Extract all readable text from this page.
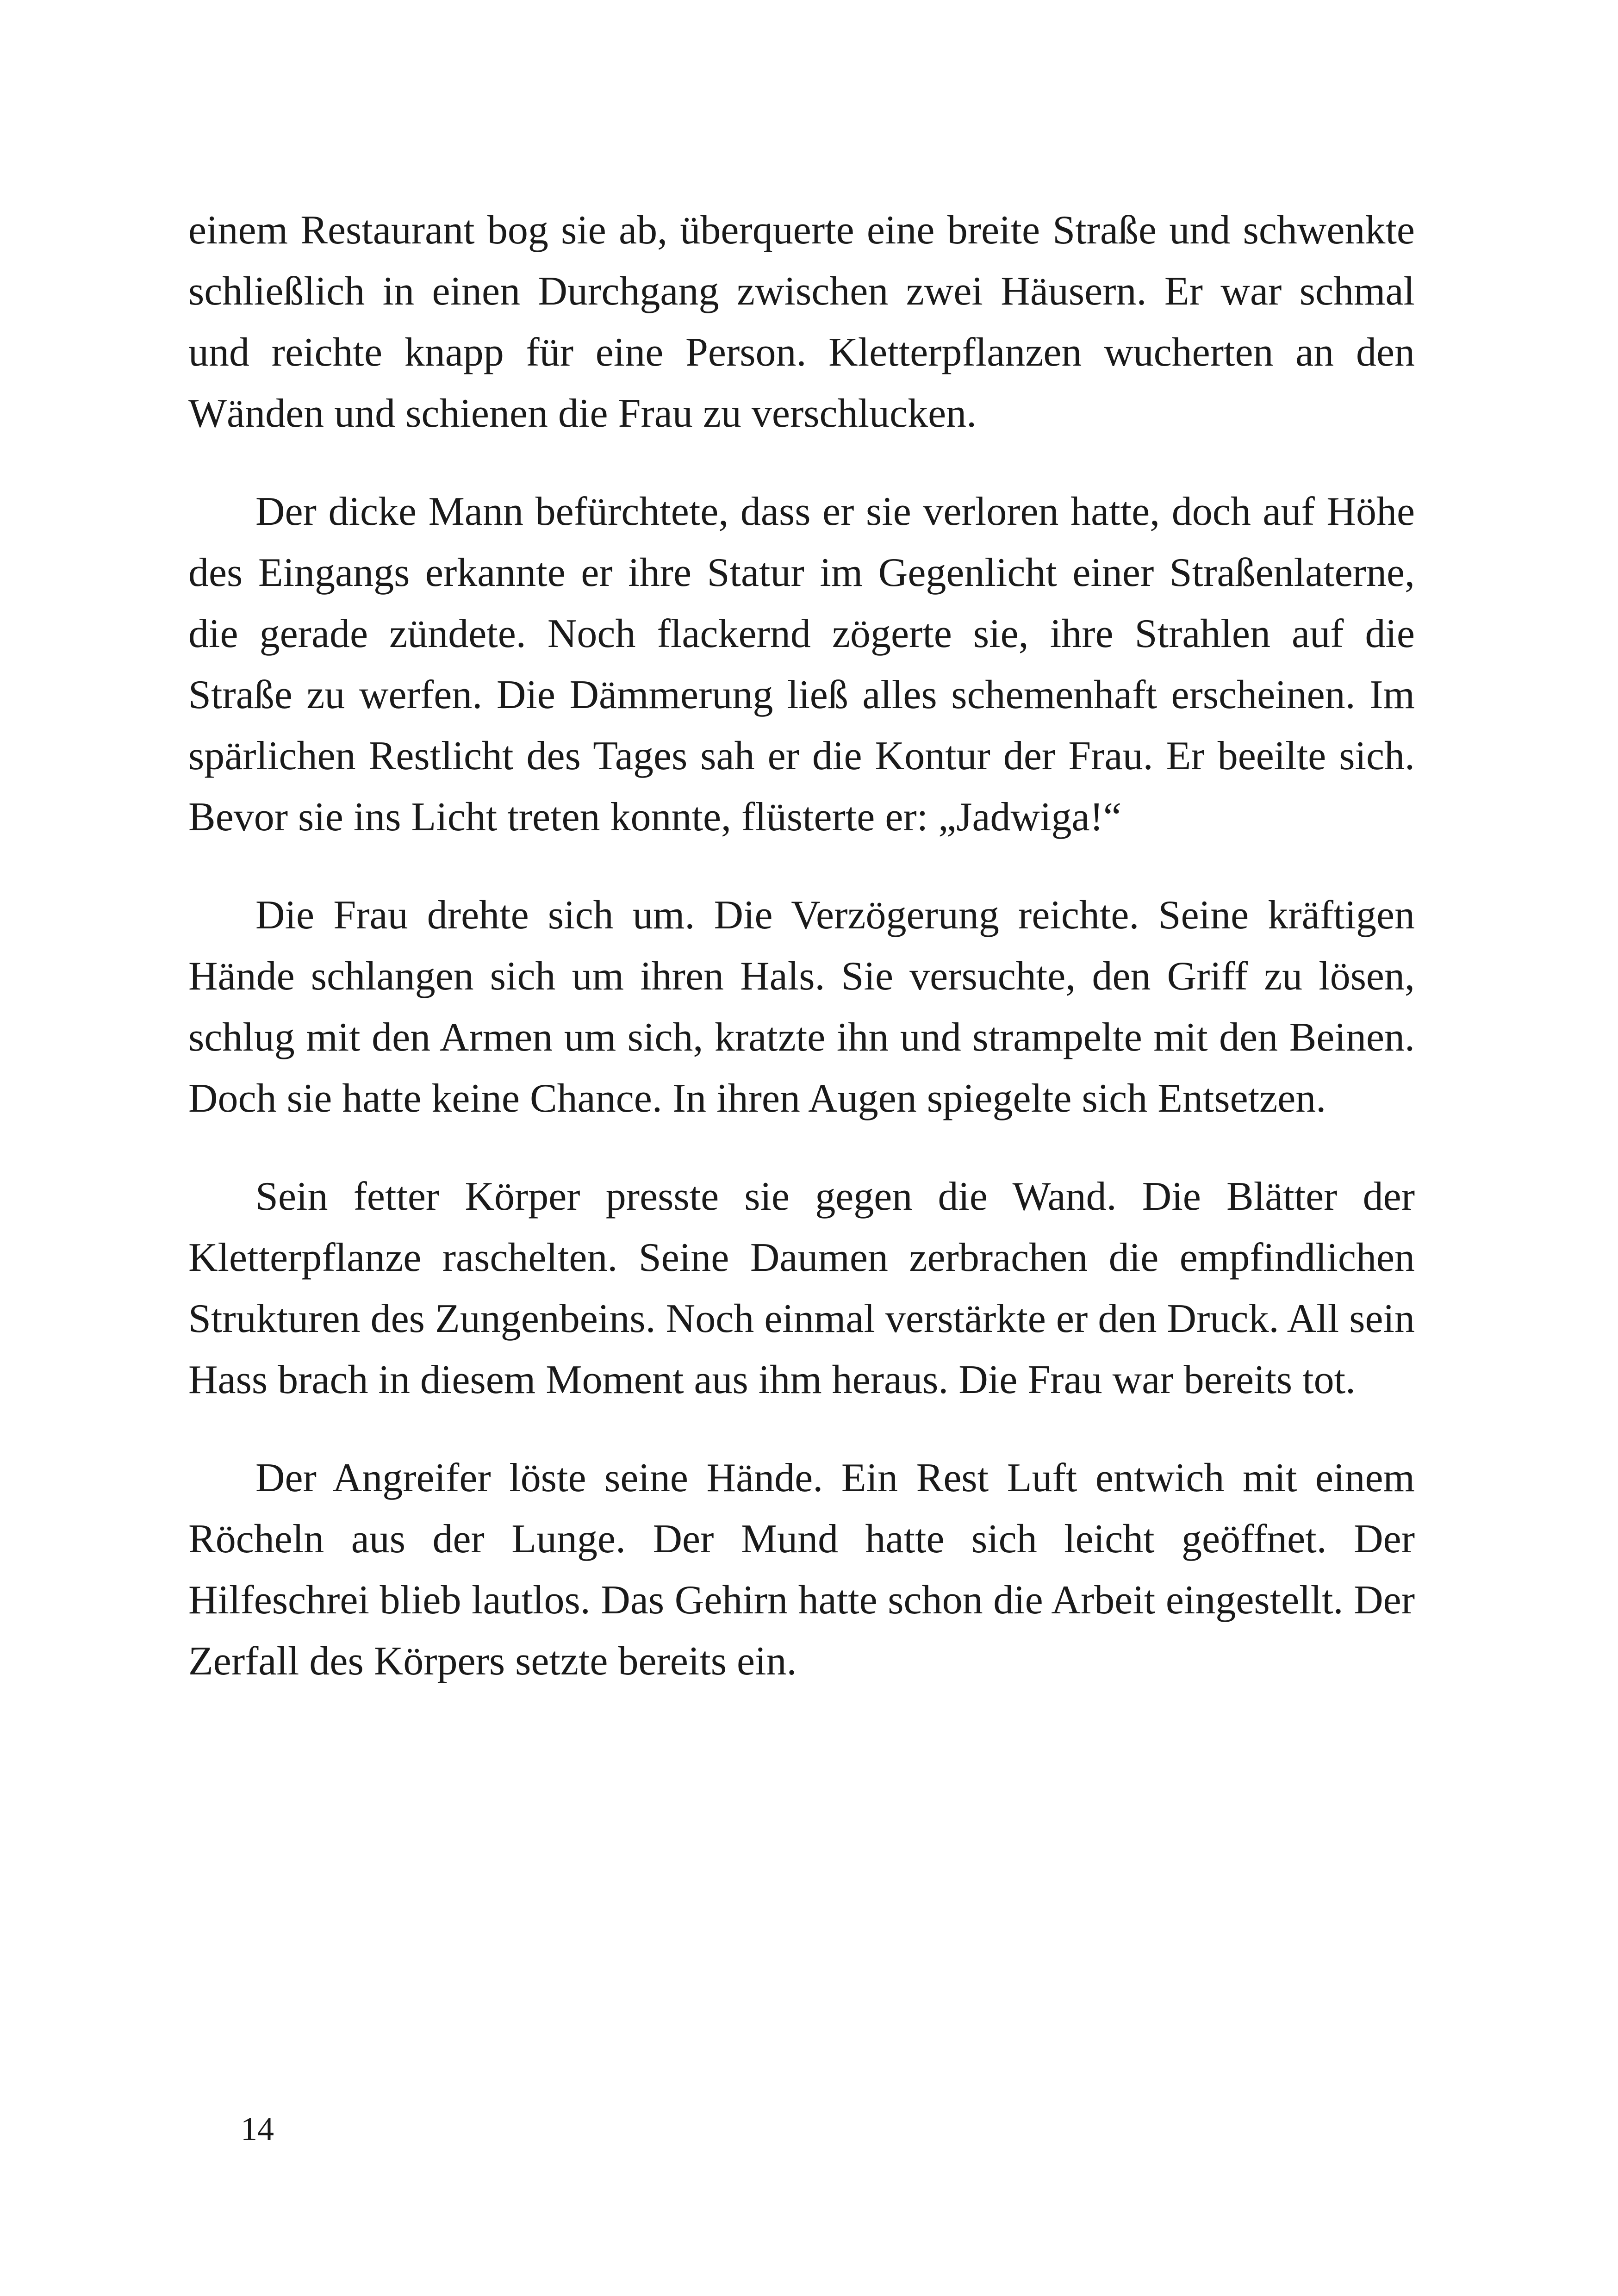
einem Restaurant bog sie ab, überquerte eine breite Straße und schwenkte schließlich in einen Durchgang zwischen zwei Häusern. Er war schmal und reichte knapp für eine Person. Kletterpflanzen wucherten an den Wänden und schienen die Frau zu verschlucken.

Der dicke Mann befürchtete, dass er sie verloren hatte, doch auf Höhe des Eingangs erkannte er ihre Statur im Gegenlicht einer Straßenlaterne, die gerade zündete. Noch flackernd zögerte sie, ihre Strahlen auf die Straße zu werfen. Die Dämmerung ließ alles schemenhaft erscheinen. Im spärlichen Restlicht des Tages sah er die Kontur der Frau. Er beeilte sich. Bevor sie ins Licht treten konnte, flüsterte er: „Jadwiga!“

Die Frau drehte sich um. Die Verzögerung reichte. Seine kräftigen Hände schlangen sich um ihren Hals. Sie versuchte, den Griff zu lösen, schlug mit den Armen um sich, kratzte ihn und strampelte mit den Beinen. Doch sie hatte keine Chance. In ihren Augen spiegelte sich Entsetzen.

Sein fetter Körper presste sie gegen die Wand. Die Blätter der Kletterpflanze raschelten. Seine Daumen zerbrachen die empfindlichen Strukturen des Zungenbeins. Noch einmal verstärkte er den Druck. All sein Hass brach in diesem Moment aus ihm heraus. Die Frau war bereits tot.

Der Angreifer löste seine Hände. Ein Rest Luft entwich mit einem Röcheln aus der Lunge. Der Mund hatte sich leicht geöffnet. Der Hilfeschrei blieb lautlos. Das Gehirn hatte schon die Arbeit eingestellt. Der Zerfall des Körpers setzte bereits ein.

14
